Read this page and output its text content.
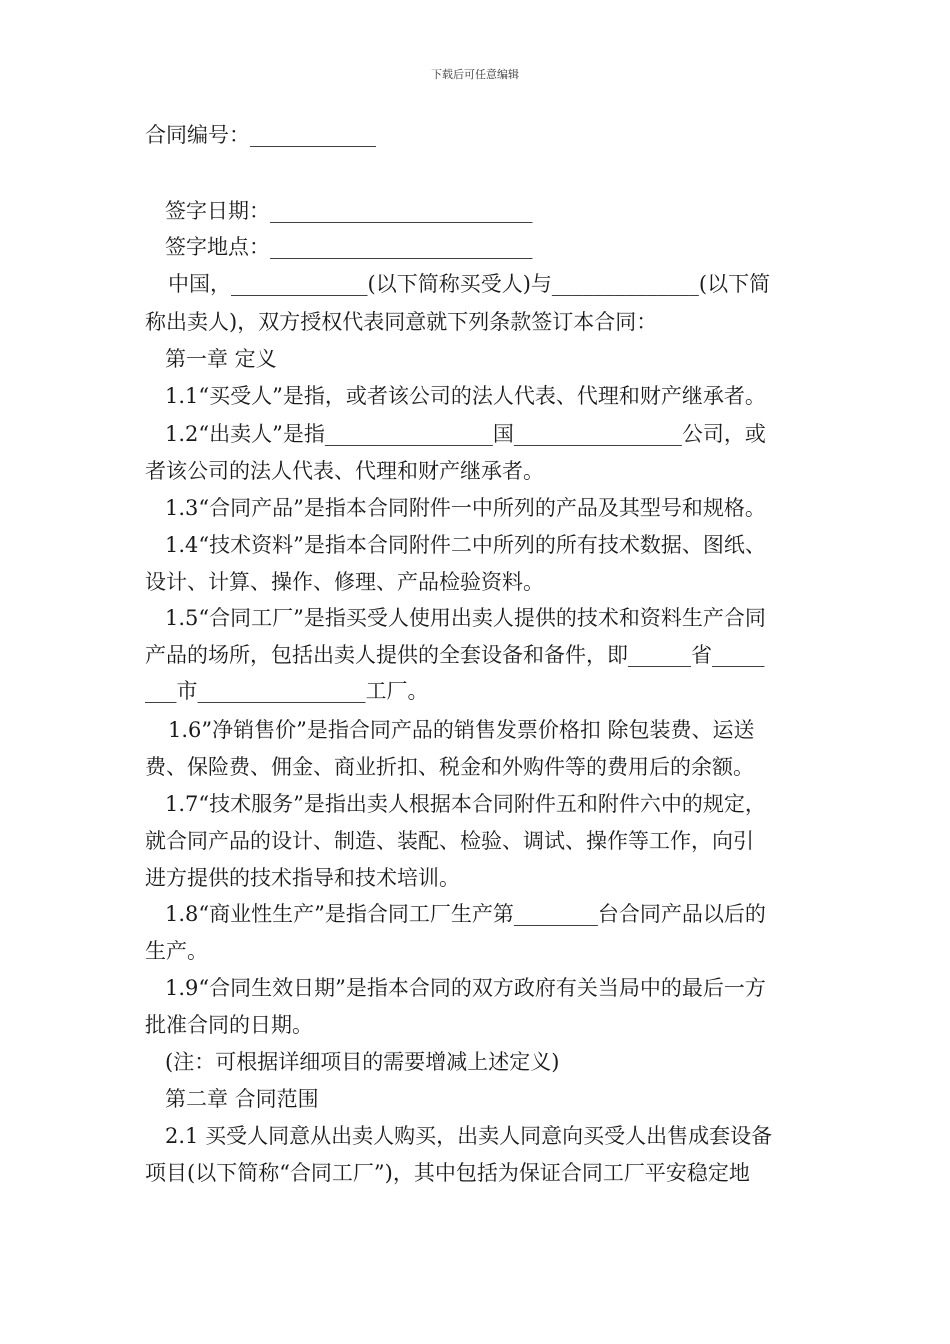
下载后可任意编辑
合同编号：____________
签字日期：_________________________
签字地点：_________________________
中国，_____________(以下简称买受人)与______________(以下简
称出卖人)，双方授权代表同意就下列条款签订本合同：
第一章 定义
1.1“买受人”是指，或者该公司的法人代表、代理和财产继承者。
1.2“出卖人”是指________________国________________公司，或
者该公司的法人代表、代理和财产继承者。
1.3“合同产品”是指本合同附件一中所列的产品及其型号和规格。
1.4“技术资料”是指本合同附件二中所列的所有技术数据、图纸、
设计、计算、操作、修理、产品检验资料。
1.5“合同工厂”是指买受人使用出卖人提供的技术和资料生产合同
产品的场所，包括出卖人提供的全套设备和备件，即______省_____
___市________________工厂。
1.6”净销售价”是指合同产品的销售发票价格扣 除包装费、运送
费、保险费、佣金、商业折扣、税金和外购件等的费用后的余额。
1.7“技术服务”是指出卖人根据本合同附件五和附件六中的规定，
就合同产品的设计、制造、装配、检验、调试、操作等工作，向引
进方提供的技术指导和技术培训。
1.8“商业性生产”是指合同工厂生产第________台合同产品以后的
生产。
1.9“合同生效日期”是指本合同的双方政府有关当局中的最后一方
批准合同的日期。
(注：可根据详细项目的需要增减上述定义)
第二章 合同范围
2.1 买受人同意从出卖人购买，出卖人同意向买受人出售成套设备
项目(以下简称“合同工厂”)，其中包括为保证合同工厂平安稳定地
